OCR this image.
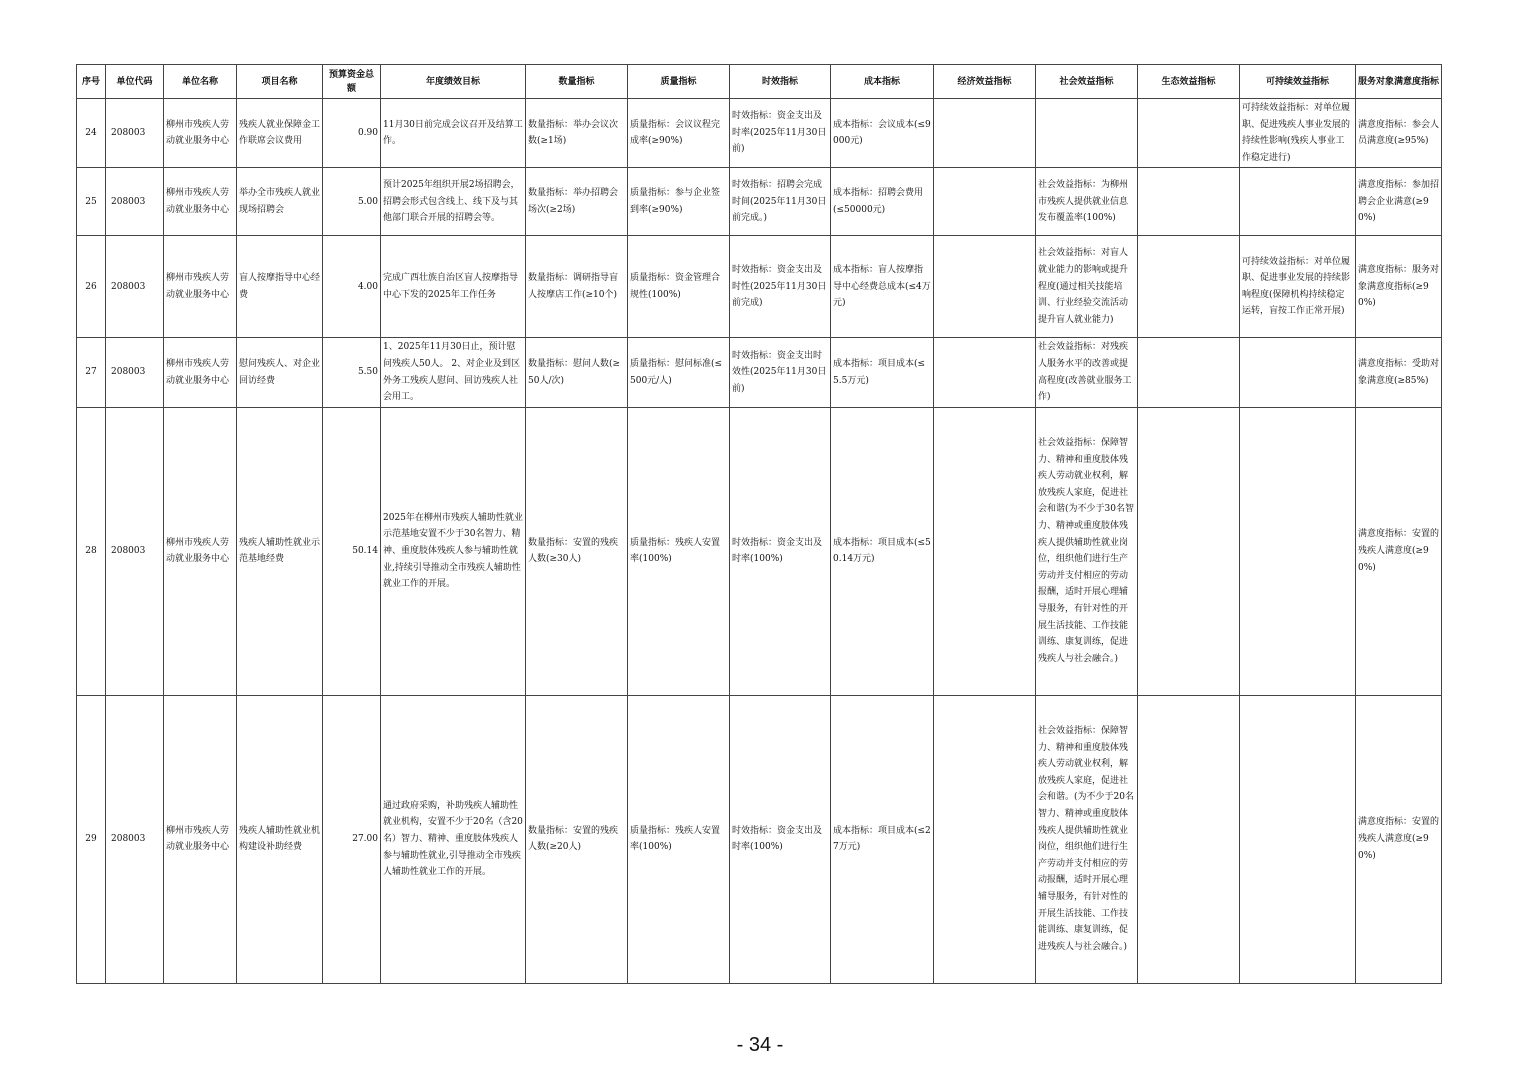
序号	单位代码	单位名称	项目名称	预算资金总额	年度绩效目标	数量指标	质量指标	时效指标	成本指标	经济效益指标	社会效益指标	生态效益指标	可持续效益指标	服务对象满意度指标
24	208003	柳州市残疾人劳动就业服务中心	残疾人就业保障金工作联席会议费用	0.90	11月30日前完成会议召开及结算工作。	数量指标：举办会议次数(≥1场)	质量指标：会议议程完成率(≥90%)	时效指标：资金支出及时率(2025年11月30日前)	成本指标：会议成本(≤9000元)				可持续效益指标：对单位履职、促进残疾人事业发展的持续性影响(残疾人事业工作稳定进行)	满意度指标：参会人员满意度(≥95%)
25	208003	柳州市残疾人劳动就业服务中心	举办全市残疾人就业现场招聘会	5.00	预计2025年组织开展2场招聘会，招聘会形式包含线上、线下及与其他部门联合开展的招聘会等。	数量指标：举办招聘会场次(≥2场)	质量指标：参与企业签到率(≥90%)	时效指标：招聘会完成时间(2025年11月30日前完成。)	成本指标：招聘会费用(≤50000元)		社会效益指标：为柳州市残疾人提供就业信息发布覆盖率(100%)			满意度指标：参加招聘会企业满意(≥90%)
26	208003	柳州市残疾人劳动就业服务中心	盲人按摩指导中心经费	4.00	完成广西壮族自治区盲人按摩指导中心下发的2025年工作任务	数量指标：调研指导盲人按摩店工作(≥10个)	质量指标：资金管理合规性(100%)	时效指标：资金支出及时性(2025年11月30日前完成)	成本指标：盲人按摩指导中心经费总成本(≤4万元)		社会效益指标：对盲人就业能力的影响或提升程度(通过相关技能培训、行业经验交流活动提升盲人就业能力)		可持续效益指标：对单位履职、促进事业发展的持续影响程度(保障机构持续稳定运转，盲按工作正常开展)	满意度指标：服务对象满意度指标(≥90%)
27	208003	柳州市残疾人劳动就业服务中心	慰问残疾人、对企业回访经费	5.50	1、2025年11月30日止，预计慰问残疾人50人。 2、对企业及到区外务工残疾人慰问、回访残疾人社会用工。	数量指标：慰问人数(≥50人/次)	质量指标：慰问标准(≤500元/人)	时效指标：资金支出时效性(2025年11月30日前)	成本指标：项目成本(≤5.5万元)		社会效益指标：对残疾人服务水平的改善或提高程度(改善就业服务工作)			满意度指标：受助对象满意度(≥85%)
28	208003	柳州市残疾人劳动就业服务中心	残疾人辅助性就业示范基地经费	50.14	2025年在柳州市残疾人辅助性就业示范基地安置不少于30名智力、精神、重度肢体残疾人参与辅助性就业,持续引导推动全市残疾人辅助性就业工作的开展。	数量指标：安置的残疾人数(≥30人)	质量指标：残疾人安置率(100%)	时效指标：资金支出及时率(100%)	成本指标：项目成本(≤50.14万元)		社会效益指标：保障智力、精神和重度肢体残疾人劳动就业权利，解放残疾人家庭，促进社会和谐(为不少于30名智力、精神或重度肢体残疾人提供辅助性就业岗位，组织他们进行生产劳动并支付相应的劳动报酬，适时开展心理辅导服务，有针对性的开展生活技能、工作技能训练、康复训练，促进残疾人与社会融合。)			满意度指标：安置的残疾人满意度(≥90%)
29	208003	柳州市残疾人劳动就业服务中心	残疾人辅助性就业机构建设补助经费	27.00	通过政府采购，补助残疾人辅助性就业机构，安置不少于20名（含20名）智力、精神、重度肢体残疾人参与辅助性就业,引导推动全市残疾人辅助性就业工作的开展。	数量指标：安置的残疾人数(≥20人)	质量指标：残疾人安置率(100%)	时效指标：资金支出及时率(100%)	成本指标：项目成本(≤27万元)		社会效益指标：保障智力、精神和重度肢体残疾人劳动就业权利，解放残疾人家庭，促进社会和谐。(为不少于20名智力、精神或重度肢体残疾人提供辅助性就业岗位，组织他们进行生产劳动并支付相应的劳动报酬，适时开展心理辅导服务，有针对性的开展生活技能、工作技能训练、康复训练，促进残疾人与社会融合。)			满意度指标：安置的残疾人满意度(≥90%)
- 34 -
